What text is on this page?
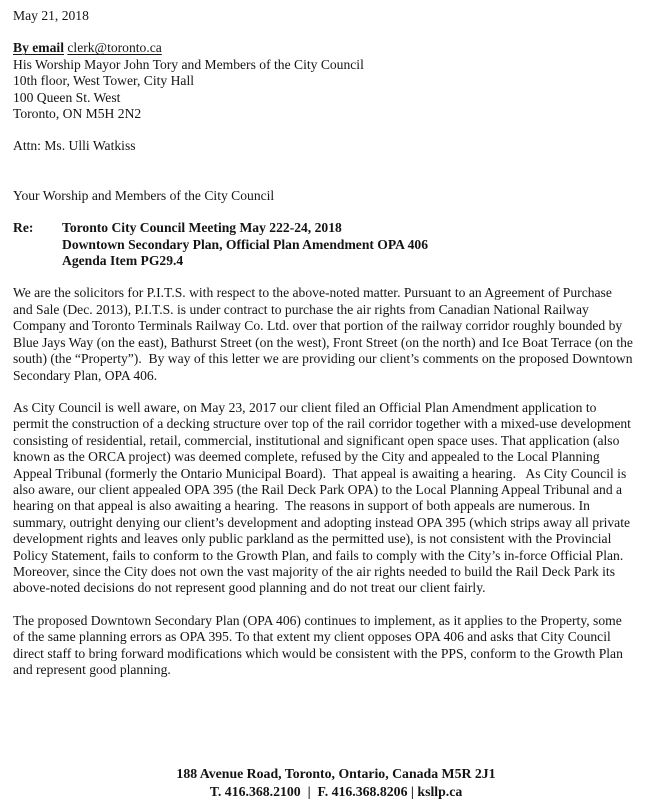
May 21, 2018
By email clerk@toronto.ca
His Worship Mayor John Tory and Members of the City Council
10th floor, West Tower, City Hall
100 Queen St. West
Toronto, ON M5H 2N2
Attn: Ms. Ulli Watkiss
Your Worship and Members of the City Council
Re:	Toronto City Council Meeting May 222-24, 2018
Downtown Secondary Plan, Official Plan Amendment OPA 406
Agenda Item PG29.4
We are the solicitors for P.I.T.S. with respect to the above-noted matter. Pursuant to an Agreement of Purchase and Sale (Dec. 2013), P.I.T.S. is under contract to purchase the air rights from Canadian National Railway Company and Toronto Terminals Railway Co. Ltd. over that portion of the railway corridor roughly bounded by Blue Jays Way (on the east), Bathurst Street (on the west), Front Street (on the north) and Ice Boat Terrace (on the south) (the “Property”).  By way of this letter we are providing our client’s comments on the proposed Downtown Secondary Plan, OPA 406.
As City Council is well aware, on May 23, 2017 our client filed an Official Plan Amendment application to permit the construction of a decking structure over top of the rail corridor together with a mixed-use development consisting of residential, retail, commercial, institutional and significant open space uses. That application (also known as the ORCA project) was deemed complete, refused by the City and appealed to the Local Planning Appeal Tribunal (formerly the Ontario Municipal Board).  That appeal is awaiting a hearing.   As City Council is also aware, our client appealed OPA 395 (the Rail Deck Park OPA) to the Local Planning Appeal Tribunal and a hearing on that appeal is also awaiting a hearing.  The reasons in support of both appeals are numerous. In summary, outright denying our client’s development and adopting instead OPA 395 (which strips away all private development rights and leaves only public parkland as the permitted use), is not consistent with the Provincial Policy Statement, fails to conform to the Growth Plan, and fails to comply with the City’s in-force Official Plan. Moreover, since the City does not own the vast majority of the air rights needed to build the Rail Deck Park its above-noted decisions do not represent good planning and do not treat our client fairly.
The proposed Downtown Secondary Plan (OPA 406) continues to implement, as it applies to the Property, some of the same planning errors as OPA 395. To that extent my client opposes OPA 406 and asks that City Council direct staff to bring forward modifications which would be consistent with the PPS, conform to the Growth Plan and represent good planning.
188 Avenue Road, Toronto, Ontario, Canada M5R 2J1
T. 416.368.2100  |  F. 416.368.8206 | ksllp.ca
